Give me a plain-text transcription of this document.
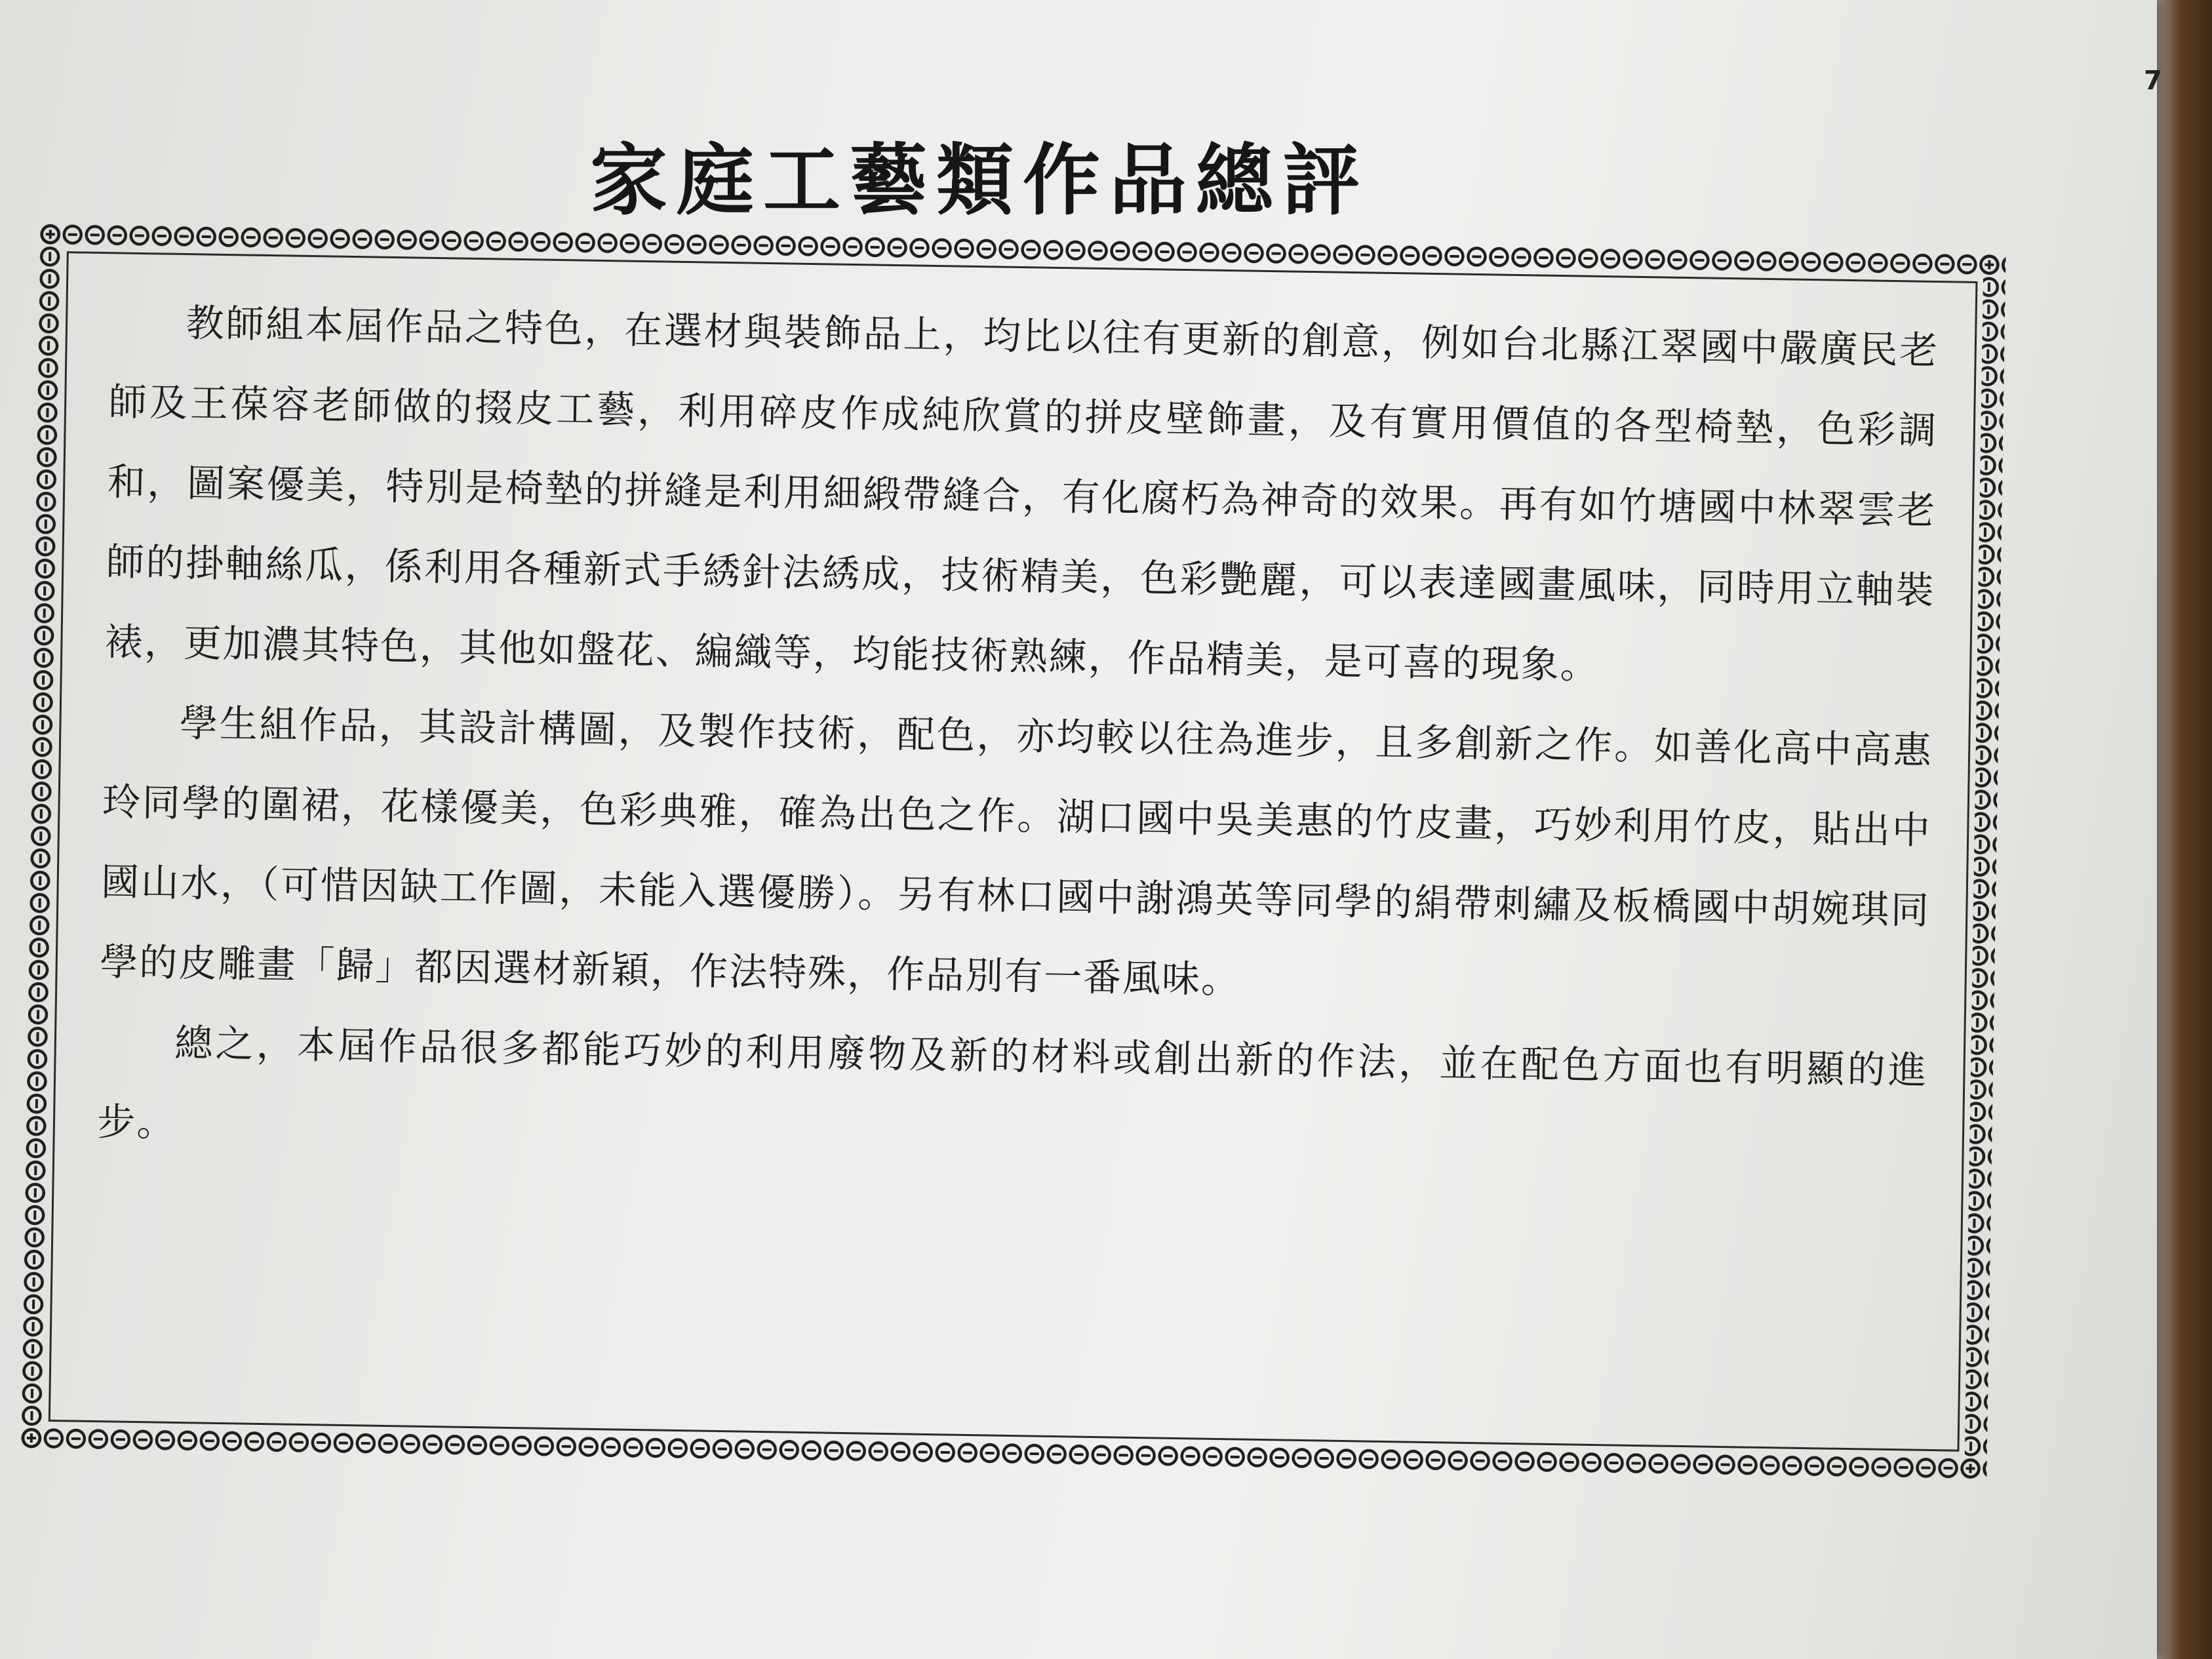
7
家庭工藝類作品總評

教師組本屆作品之特色，在選材與裝飾品上，均比以往有更新的創意，例如台北縣江翠國中嚴廣民老師及王葆容老師做的掇皮工藝，利用碎皮作成純欣賞的拼皮壁飾畫，及有實用價值的各型椅墊，色彩調和，圖案優美，特別是椅墊的拼縫是利用細緞帶縫合，有化腐朽為神奇的效果。再有如竹塘國中林翠雲老師的掛軸絲瓜，係利用各種新式手綉針法綉成，技術精美，色彩艷麗，可以表達國畫風味，同時用立軸裝裱，更加濃其特色，其他如盤花、編織等，均能技術熟練，作品精美，是可喜的現象。

學生組作品，其設計構圖，及製作技術，配色，亦均較以往為進步，且多創新之作。如善化高中高惠玲同學的圍裙，花樣優美，色彩典雅，確為出色之作。湖口國中吳美惠的竹皮畫，巧妙利用竹皮，貼出中國山水，（可惜因缺工作圖，未能入選優勝）。另有林口國中謝鴻英等同學的絹帶刺繡及板橋國中胡婉琪同學的皮雕畫「歸」都因選材新穎，作法特殊，作品別有一番風味。

總之，本屆作品很多都能巧妙的利用廢物及新的材料或創出新的作法，並在配色方面也有明顯的進步。
